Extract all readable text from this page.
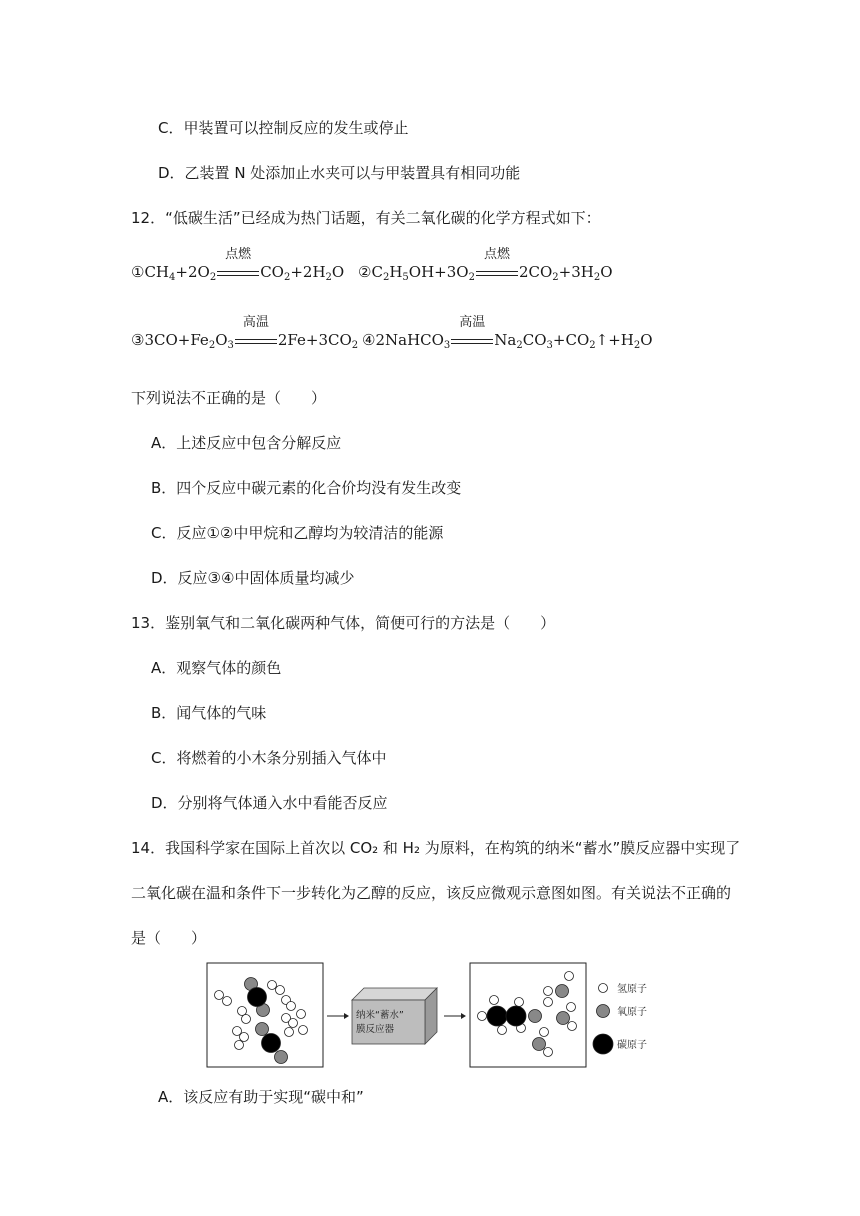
C．甲装置可以控制反应的发生或停止
D．乙装置 N 处添加止水夹可以与甲装置具有相同功能
12．“低碳生活”已经成为热门话题，有关二氧化碳的化学方程式如下：
$①CH_4+2O_2$
点燃
$CO_2+2H_2O$ $②C_2H_5OH+3O_2$
点燃
$2CO_2+3H_2O$
$③3CO+Fe_2O_3$
高温
$2Fe+3CO_2$ ④2NaHCO$_3$
高温
$Na_2CO_3+CO_2↑+H_2O$
下列说法不正确的是（　　）
A．上述反应中包含分解反应
B．四个反应中碳元素的化合价均没有发生改变
C．反应①②中甲烷和乙醇均为较清洁的能源
D．反应③④中固体质量均减少
13．鉴别氧气和二氧化碳两种气体，简便可行的方法是（　　）
A．观察气体的颜色
B．闻气体的气味
C．将燃着的小木条分别插入气体中
D．分别将气体通入水中看能否反应
14．我国科学家在国际上首次以 CO₂ 和 H₂ 为原料，在构筑的纳米“蓄水”膜反应器中实现了
二氧化碳在温和条件下一步转化为乙醇的反应，该反应微观示意图如图。有关说法不正确的
是（　　）
纳米“蓄水”
膜反应器
氢原子
氧原子
碳原子
A．该反应有助于实现“碳中和”
